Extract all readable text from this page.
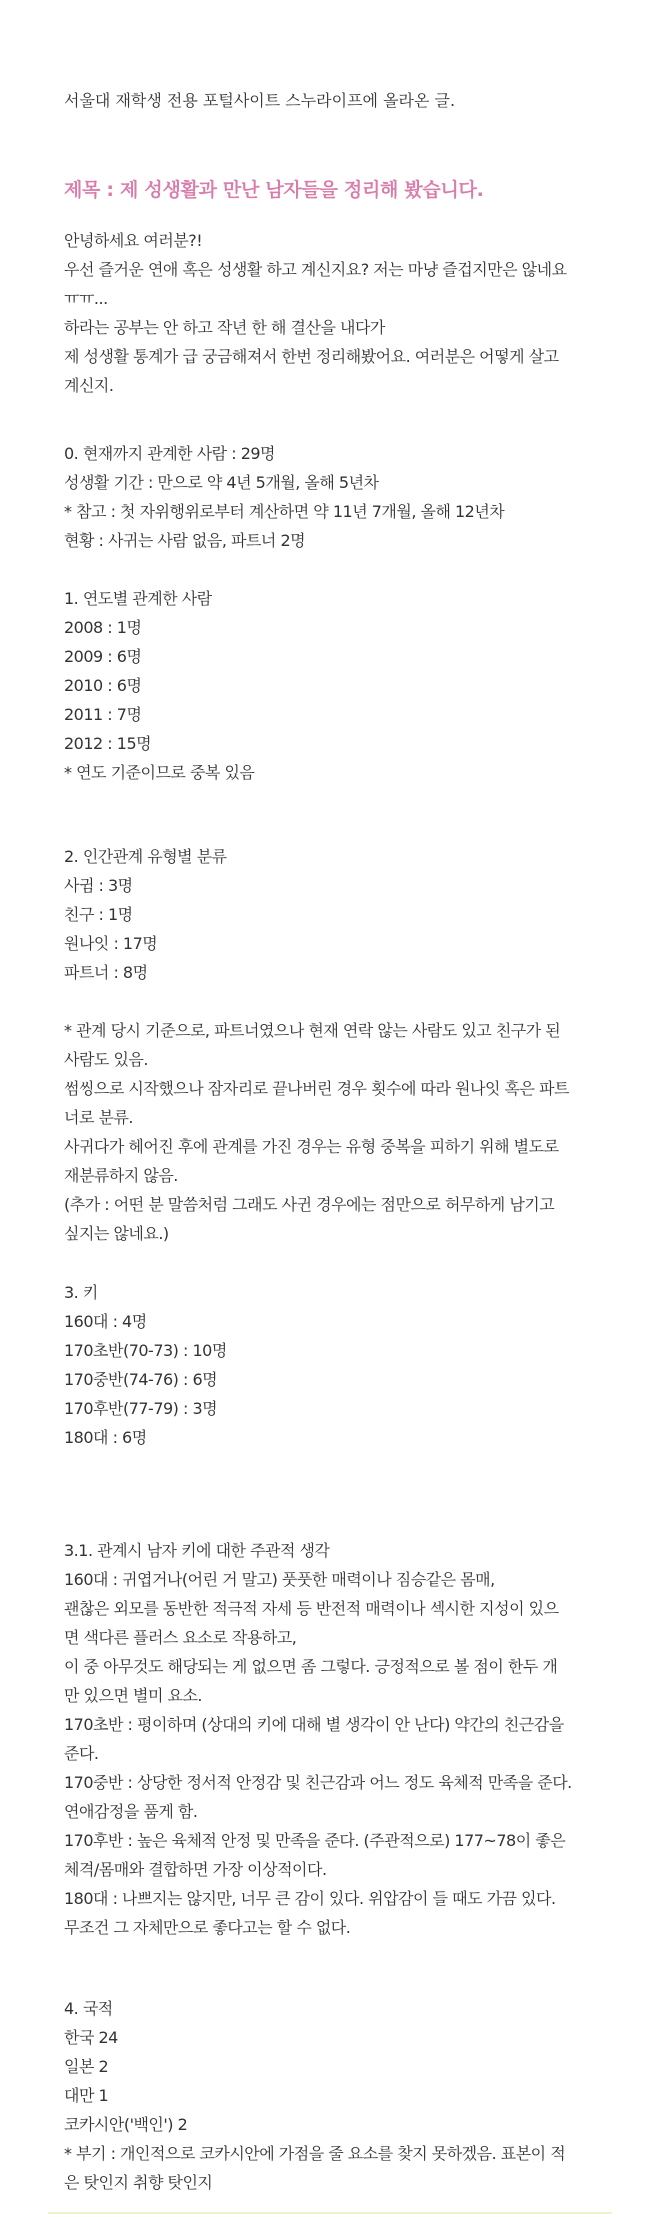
서울대 재학생 전용 포털사이트 스누라이프에 올라온 글.
제목 : 제 성생활과 만난 남자들을 정리해 봤습니다.
안녕하세요 여러분?!
우선 즐거운 연애 혹은 성생활 하고 계신지요? 저는 마냥 즐겁지만은 않네요
ㅠㅠ...
하라는 공부는 안 하고 작년 한 해 결산을 내다가
제 성생활 통계가 급 궁금해져서 한번 정리해봤어요. 여러분은 어떻게 살고
계신지.
0. 현재까지 관계한 사람 : 29명
성생활 기간 : 만으로 약 4년 5개월, 올해 5년차
* 참고 : 첫 자위행위로부터 계산하면 약 11년 7개월, 올해 12년차
현황 : 사귀는 사람 없음, 파트너 2명
1. 연도별 관계한 사람
2008 : 1명
2009 : 6명
2010 : 6명
2011 : 7명
2012 : 15명
* 연도 기준이므로 중복 있음
2. 인간관계 유형별 분류
사귐 : 3명
친구 : 1명
원나잇 : 17명
파트너 : 8명
* 관계 당시 기준으로, 파트너였으나 현재 연락 않는 사람도 있고 친구가 된
사람도 있음.
썸씽으로 시작했으나 잠자리로 끝나버린 경우 횟수에 따라 원나잇 혹은 파트
너로 분류.
사귀다가 헤어진 후에 관계를 가진 경우는 유형 중복을 피하기 위해 별도로
재분류하지 않음.
(추가 : 어떤 분 말씀처럼 그래도 사귄 경우에는 점만으로 허무하게 남기고
싶지는 않네요.)
3. 키
160대 : 4명
170초반(70-73) : 10명
170중반(74-76) : 6명
170후반(77-79) : 3명
180대 : 6명
3.1. 관계시 남자 키에 대한 주관적 생각
160대 : 귀엽거나(어린 거 말고) 풋풋한 매력이나 짐승같은 몸매,
괜찮은 외모를 동반한 적극적 자세 등 반전적 매력이나 섹시한 지성이 있으
면 색다른 플러스 요소로 작용하고,
이 중 아무것도 해당되는 게 없으면 좀 그렇다. 긍정적으로 볼 점이 한두 개
만 있으면 별미 요소.
170초반 : 평이하며 (상대의 키에 대해 별 생각이 안 난다) 약간의 친근감을
준다.
170중반 : 상당한 정서적 안정감 및 친근감과 어느 정도 육체적 만족을 준다.
연애감정을 품게 함.
170후반 : 높은 육체적 안정 및 만족을 준다. (주관적으로) 177~78이 좋은
체격/몸매와 결합하면 가장 이상적이다.
180대 : 나쁘지는 않지만, 너무 큰 감이 있다. 위압감이 들 때도 가끔 있다.
무조건 그 자체만으로 좋다고는 할 수 없다.
4. 국적
한국 24
일본 2
대만 1
코카시안('백인') 2
* 부기 : 개인적으로 코카시안에 가점을 줄 요소를 찾지 못하겠음. 표본이 적
은 탓인지 취향 탓인지
